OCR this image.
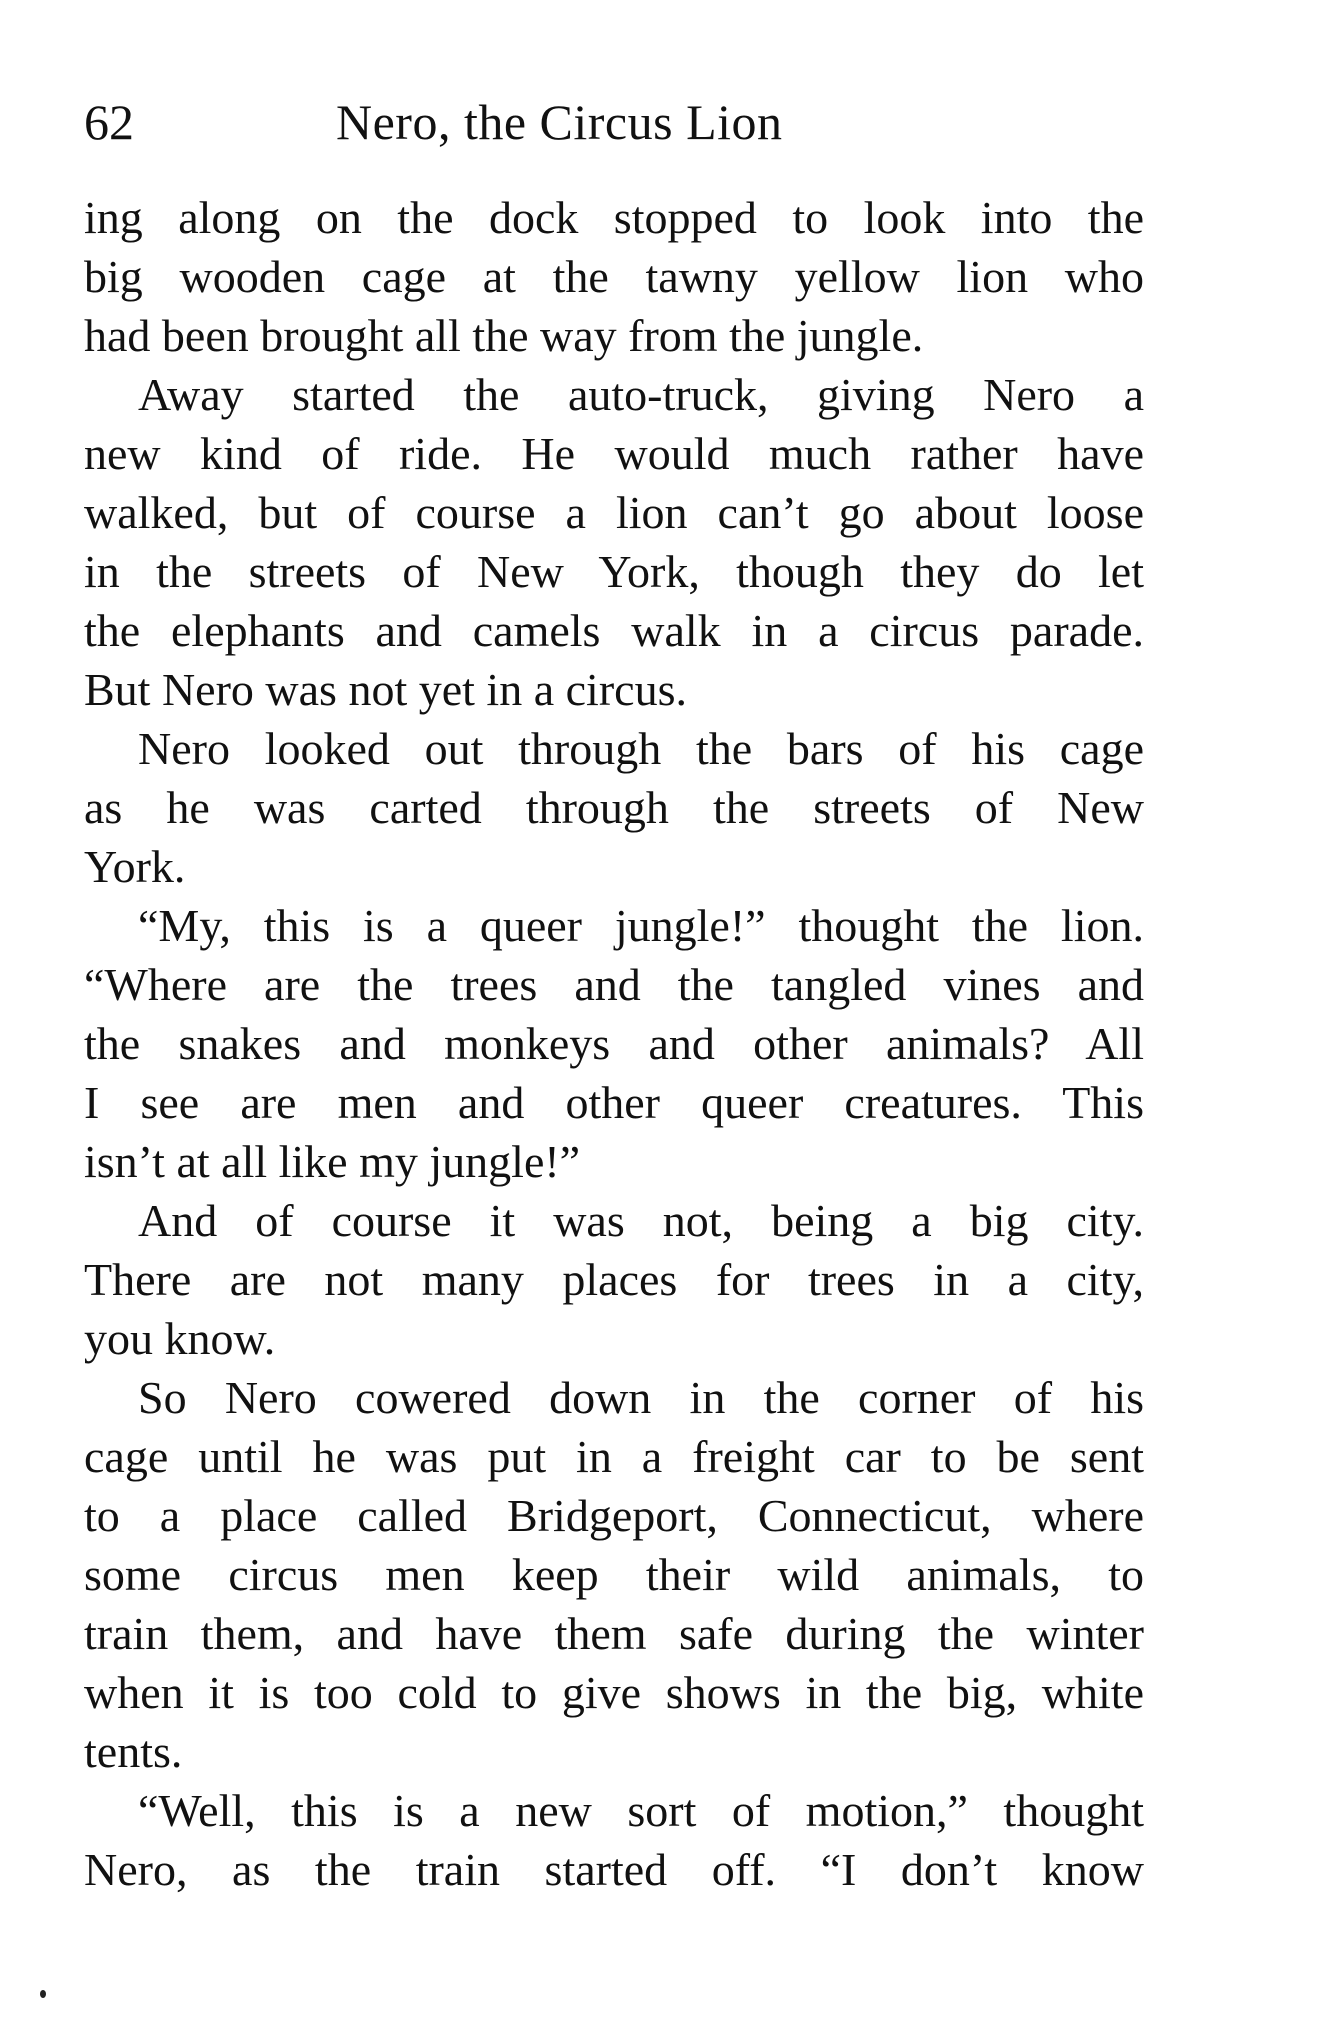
62	Nero, the Circus Lion
ing along on the dock stopped to look into the
big wooden cage at the tawny yellow lion who
had been brought all the way from the jungle.
Away started the auto-truck, giving Nero a
new kind of ride. He would much rather have
walked, but of course a lion can’t go about loose
in the streets of New York, though they do let
the elephants and camels walk in a circus parade.
But Nero was not yet in a circus.
Nero looked out through the bars of his cage
as he was carted through the streets of New
York.
“My, this is a queer jungle!” thought the lion.
“Where are the trees and the tangled vines and
the snakes and monkeys and other animals? All
I see are men and other queer creatures. This
isn’t at all like my jungle!”
And of course it was not, being a big city.
There are not many places for trees in a city,
you know.
So Nero cowered down in the corner of his
cage until he was put in a freight car to be sent
to a place called Bridgeport, Connecticut, where
some circus men keep their wild animals, to
train them, and have them safe during the winter
when it is too cold to give shows in the big, white
tents.
“Well, this is a new sort of motion,” thought
Nero, as the train started off. “I don’t know
